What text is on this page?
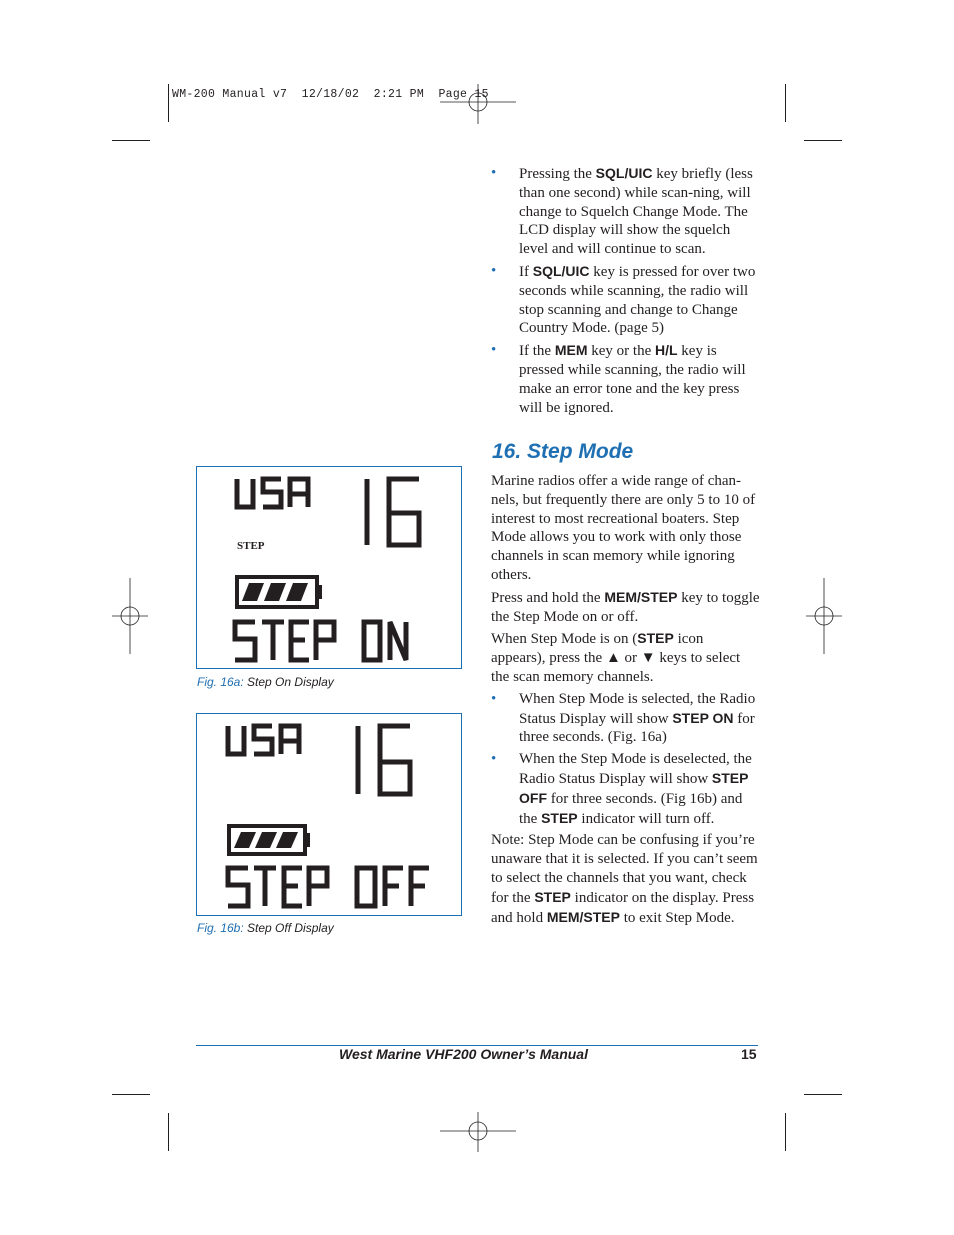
WM-200 Manual v7  12/18/02  2:21 PM  Page 15
• Pressing the SQL/UIC key briefly (less than one second) while scan-ning, will change to Squelch Change Mode. The LCD display will show the squelch level and will continue to scan.
• If SQL/UIC key is pressed for over two seconds while scanning, the radio will stop scanning and change to Change Country Mode. (page 5)
• If the MEM key or the H/L key is pressed while scanning, the radio will make an error tone and the key press will be ignored.
16. Step Mode

Marine radios offer a wide range of chan-nels, but frequently there are only 5 to 10 of interest to most recreational boaters. Step Mode allows you to work with only those channels in scan memory while ignoring others.

Press and hold the MEM/STEP key to toggle the Step Mode on or off.

When Step Mode is on (STEP icon appears), press the ▲ or ▼ keys to select the scan memory channels.

• When Step Mode is selected, the Radio Status Display will show STEP ON for three seconds. (Fig. 16a)
• When the Step Mode is deselected, the Radio Status Display will show STEP OFF for three seconds. (Fig 16b) and the STEP indicator will turn off.

Note: Step Mode can be confusing if you’re unaware that it is selected. If you can’t seem to select the channels that you want, check for the STEP indicator on the display. Press and hold MEM/STEP to exit Step Mode.

STEP
Fig. 16a: Step On Display
Fig. 16b: Step Off Display
West Marine VHF200 Owner’s Manual	15
